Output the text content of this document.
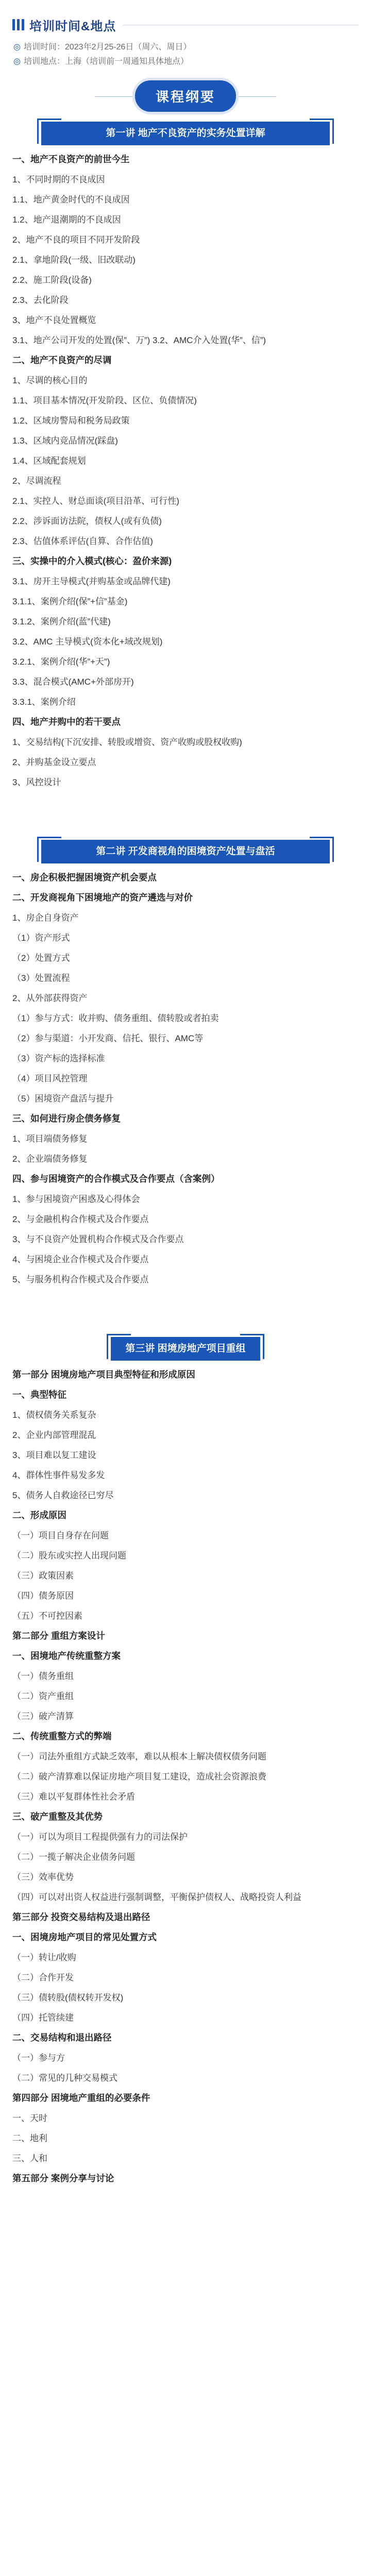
培训时间&地点
◎ 培训时间：2023年2月25-26日（周六、周日）
◎ 培训地点：上海（培训前一周通知具体地点）
课程纲要
第一讲 地产不良资产的实务处置详解
一、地产不良资产的前世今生
1、不同时期的不良成因
1.1、地产黄金时代的不良成因
1.2、地产退潮期的不良成因
2、地产不良的项目不同开发阶段
2.1、拿地阶段(一级、旧改联动)
2.2、施工阶段(设备)
2.3、去化阶段
3、地产不良处置概览
3.1、地产公司开发的处置(保”、万”) 3.2、AMC介入处置(华”、信”)
二、地产不良资产的尽调
1、尽调的核心目的
1.1、项目基本情况(开发阶段、区位、负债情况)
1.2、区域房警局和税务局政策
1.3、区域内竞品情况(踩盘)
1.4、区域配套规划
2、尽调流程
2.1、实控人、财总面谈(项目沿革、可行性)
2.2、涉诉面访法院，债权人(或有负债)
2.3、估值体系评估(自算、合作估值)
三、实操中的介入模式(核心：盈价来源)
3.1、房开主导模式(并购基金或品牌代建)
3.1.1、案例介绍(保”+信”基金)
3.1.2、案例介绍(蓝”代建)
3.2、AMC 主导模式(资本化+域改规划)
3.2.1、案例介绍(华”+天”)
3.3、混合模式(AMC+外部房开)
3.3.1、案例介绍
四、地产并购中的若干要点
1、交易结构(下沉安排、转股或增资、资产收购或股权收购)
2、并购基金设立要点
3、风控设计
第二讲 开发商视角的困境资产处置与盘活
一、房企积极把握困境资产机会要点
二、开发商视角下困境地产的资产遴选与对价
1、房企自身资产
（1）资产形式
（2）处置方式
（3）处置流程
2、从外部获得资产
（1）参与方式：收并购、债务重组、债转股或者拍卖
（2）参与渠道：小开发商、信托、银行、AMC等
（3）资产标的选择标准
（4）项目风控管理
（5）困境资产盘活与提升
三、如何进行房企债务修复
1、项目端债务修复
2、企业端债务修复
四、参与困境资产的合作模式及合作要点（含案例）
1、参与困境资产困惑及心得体会
2、与金融机构合作模式及合作要点
3、与不良资产处置机构合作模式及合作要点
4、与困境企业合作模式及合作要点
5、与服务机构合作模式及合作要点
第三讲 困境房地产项目重组
第一部分 困境房地产项目典型特征和形成原因
一、典型特征
1、债权债务关系复杂
2、企业内部管理混乱
3、项目难以复工建设
4、群体性事件易发多发
5、债务人自救途径已穷尽
二、形成原因
（一）项目自身存在问题
（二）股东或实控人出现问题
（三）政策因素
（四）债务原因
（五）不可控因素
第二部分 重组方案设计
一、困境地产传统重整方案
（一）债务重组
（二）资产重组
（三）破产清算
二、传统重整方式的弊端
（一）司法外重组方式缺乏效率，难以从根本上解决债权债务问题
（二）破产清算难以保证房地产项目复工建设，造成社会资源浪费
（三）难以平复群体性社会矛盾
三、破产重整及其优势
（一）可以为项目工程提供强有力的司法保护
（二）一揽子解决企业债务问题
（三）效率优势
（四）可以对出资人权益进行强制调整，平衡保护债权人、战略投资人利益
第三部分 投资交易结构及退出路径
一、困境房地产项目的常见处置方式
（一）转让/收购
（二）合作开发
（三）债转股(债权转开发权)
（四）托管续建
二、交易结构和退出路径
（一）参与方
（二）常见的几种交易模式
第四部分 困境地产重组的必要条件
一、天时
二、地利
三、人和
第五部分 案例分享与讨论
